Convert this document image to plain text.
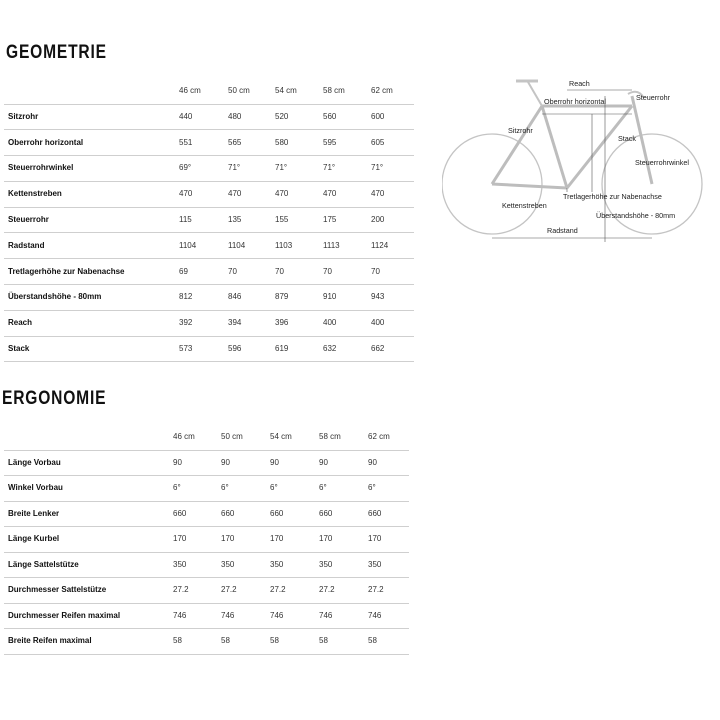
GEOMETRIE
	46 cm	50 cm	54 cm	58 cm	62 cm
Sitzrohr	440	480	520	560	600
Oberrohr horizontal	551	565	580	595	605
Steuerrohrwinkel	69°	71°	71°	71°	71°
Kettenstreben	470	470	470	470	470
Steuerrohr	115	135	155	175	200
Radstand	1104	1104	1103	1113	1124
Tretlagerhöhe zur Nabenachse	69	70	70	70	70
Überstandshöhe - 80mm	812	846	879	910	943
Reach	392	394	396	400	400
Stack	573	596	619	632	662
Reach
Oberrohr horizontal	Steuerrohr
Sitzrohr
Stack
Steuerrohrwinkel
Kettenstreben
Tretlagerhöhe zur Nabenachse
Überstandshöhe - 80mm
Radstand
ERGONOMIE
	46 cm	50 cm	54 cm	58 cm	62 cm
Länge Vorbau	90	90	90	90	90
Winkel Vorbau	6°	6°	6°	6°	6°
Breite Lenker	660	660	660	660	660
Länge Kurbel	170	170	170	170	170
Länge Sattelstütze	350	350	350	350	350
Durchmesser Sattelstütze	27.2	27.2	27.2	27.2	27.2
Durchmesser Reifen maximal	746	746	746	746	746
Breite Reifen maximal	58	58	58	58	58
